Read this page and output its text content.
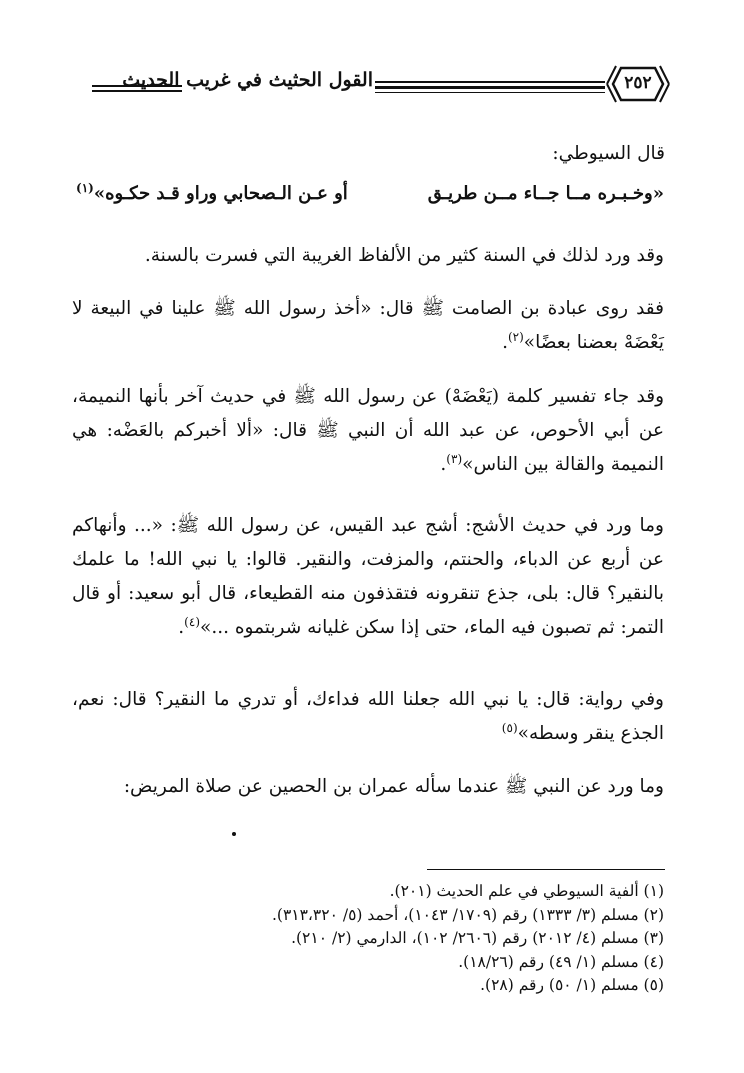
القول الحثيث في غريب الحديث	٢٥٢
قال السيوطي:
«وخـبـره مــا جــاء مــن طريـق
أو عـن الـصحابي وراو قـد حكـوه»$^{(١)}$
وقد ورد لذلك في السنة كثير من الألفاظ الغريبة التي فسرت بالسنة.
فقد روى عبادة بن الصامت ﷺ قال: «أخذ رسول الله ﷺ علينا في البيعة لا يَعْضَهْ بعضنا بعضًا»$^{(٢)}$.
وقد جاء تفسير كلمة (يَعْضَهْ) عن رسول الله ﷺ في حديث آخر بأنها النميمة، عن أبي الأحوص، عن عبد الله أن النبي ﷺ قال: «ألا أخبركم بالعَضْه: هي النميمة والقالة بين الناس»$^{(٣)}$.
وما ورد في حديث الأشج: أشج عبد القيس، عن رسول الله ﷺ: «... وأنهاكم عن أربع عن الدباء، والحنتم، والمزفت، والنقير. قالوا: يا نبي الله! ما علمك بالنقير؟ قال: بلى، جذع تنقرونه فتقذفون منه القطيعاء، قال أبو سعيد: أو قال التمر: ثم تصبون فيه الماء، حتى إذا سكن غليانه شربتموه ...»$^{(٤)}$.
وفي رواية: قال: يا نبي الله جعلنا الله فداءك، أو تدري ما النقير؟ قال: نعم، الجذع ينقر وسطه»$^{(٥)}$
وما ورد عن النبي ﷺ عندما سأله عمران بن الحصين عن صلاة المريض:
(١) ألفية السيوطي في علم الحديث (٢٠١).
(٢) مسلم (٣/ ١٣٣٣) رقم (١٧٠٩/ ١٠٤٣)، أحمد (٥/ ٣١٣،٣٢٠).
(٣) مسلم (٤/ ٢٠١٢) رقم (٢٦٠٦/ ١٠٢)، الدارمي (٢/ ٢١٠).
(٤) مسلم (١/ ٤٩) رقم (١٨/٢٦).
(٥) مسلم (١/ ٥٠) رقم (٢٨).
